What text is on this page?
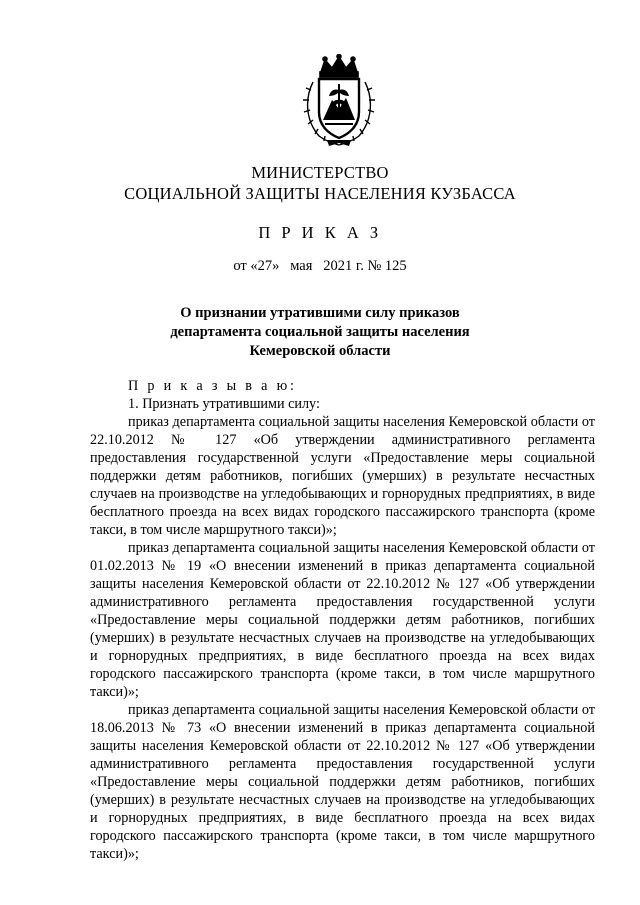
МИНИСТЕРСТВО
СОЦИАЛЬНОЙ ЗАЩИТЫ НАСЕЛЕНИЯ КУЗБАССА
П Р И К А З
от «27»   мая   2021 г. № 125
О признании утратившими силу приказов
департамента социальной защиты населения
Кемеровской области

П р и к а з ы в а ю:

1. Признать утратившими силу:

приказ департамента социальной защиты населения Кемеровской области от 22.10.2012 № 127 «Об утверждении административного регламента предоставления государственной услуги «Предоставление меры социальной поддержки детям работников, погибших (умерших) в результате несчастных случаев на производстве на угледобывающих и горнорудных предприятиях, в виде бесплатного проезда на всех видах городского пассажирского транспорта (кроме такси, в том числе маршрутного такси)»;

приказ департамента социальной защиты населения Кемеровской области от 01.02.2013 № 19 «О внесении изменений в приказ департамента социальной защиты населения Кемеровской области от 22.10.2012 № 127 «Об утверждении административного регламента предоставления государственной услуги «Предоставление меры социальной поддержки детям работников, погибших (умерших) в результате несчастных случаев на производстве на угледобывающих и горнорудных предприятиях, в виде бесплатного проезда на всех видах городского пассажирского транспорта (кроме такси, в том числе маршрутного такси)»;

приказ департамента социальной защиты населения Кемеровской области от 18.06.2013 № 73 «О внесении изменений в приказ департамента социальной защиты населения Кемеровской области от 22.10.2012 № 127 «Об утверждении административного регламента предоставления государственной услуги «Предоставление меры социальной поддержки детям работников, погибших (умерших) в результате несчастных случаев на производстве на угледобывающих и горнорудных предприятиях, в виде бесплатного проезда на всех видах городского пассажирского транспорта (кроме такси, в том числе маршрутного такси)»;
